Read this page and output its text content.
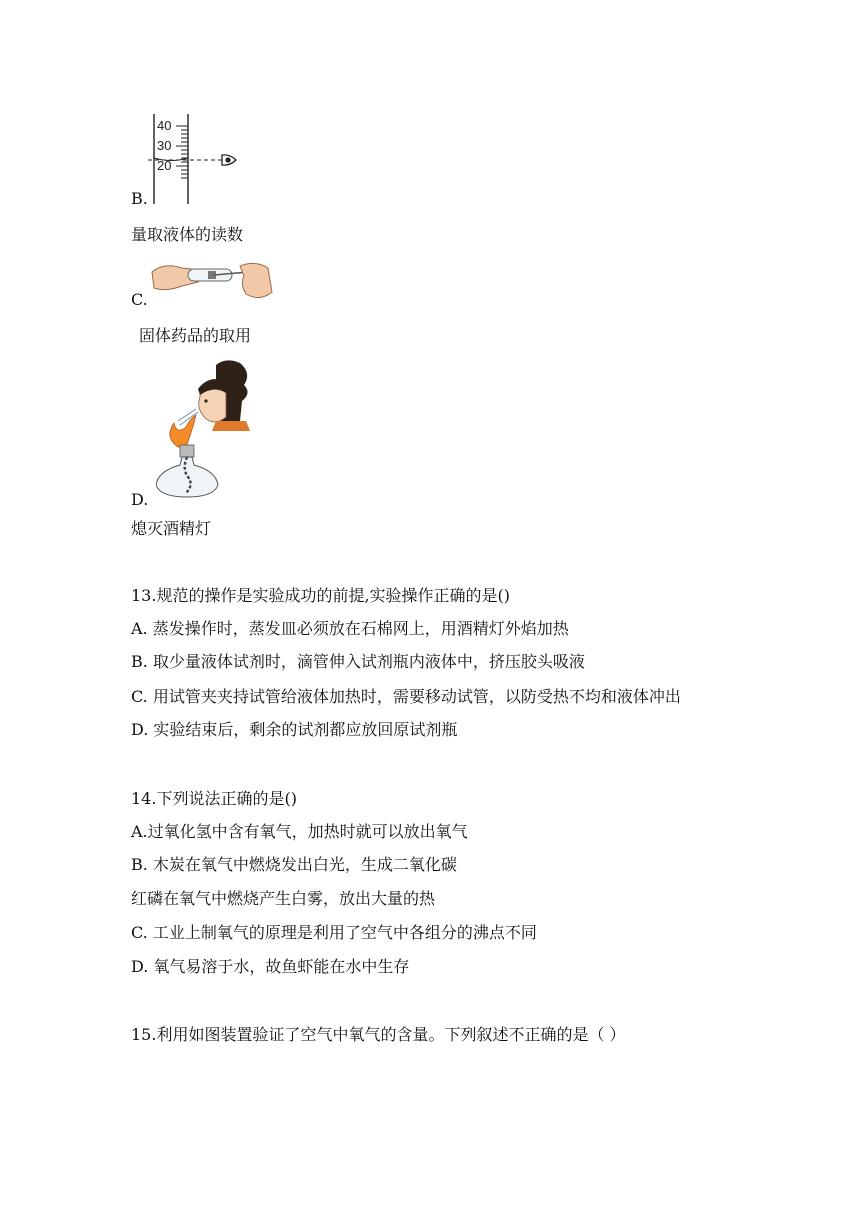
40
30
20
B.
量取液体的读数
C.
固体药品的取用
D.
熄灭酒精灯
13.规范的操作是实验成功的前提,实验操作正确的是()
A. 蒸发操作时，蒸发皿必须放在石棉网上，用酒精灯外焰加热
B. 取少量液体试剂时，滴管伸入试剂瓶内液体中，挤压胶头吸液
C. 用试管夹夹持试管给液体加热时，需要移动试管，以防受热不均和液体冲出
D. 实验结束后，剩余的试剂都应放回原试剂瓶
14.下列说法正确的是()
A.过氧化氢中含有氧气，加热时就可以放出氧气
B. 木炭在氧气中燃烧发出白光，生成二氧化碳
红磷在氧气中燃烧产生白雾，放出大量的热
C. 工业上制氧气的原理是利用了空气中各组分的沸点不同
D. 氧气易溶于水，故鱼虾能在水中生存
15.利用如图装置验证了空气中氧气的含量。下列叙述不正确的是（ ）
